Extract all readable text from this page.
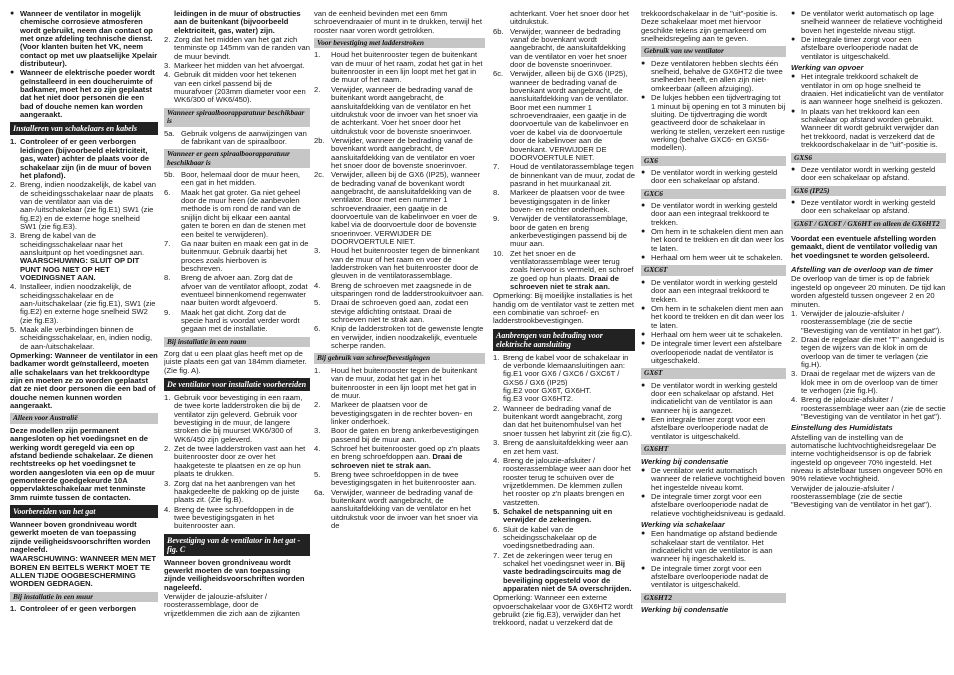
● Wanneer de ventilator in mogelijk chemische corrosieve atmosferen wordt gebruikt, neem dan contact op met onze afdeling technische dienst. (Voor klanten buiten het VK, neem contact op met uw plaatselijke Xpelair distributeur).
● Wanneer de elektrische poeder wordt geïnstalleerd in een doucheruimte of badkamer, moet het zo zijn geplaatst dat het niet door personen die een bad of douche nemen kan worden aangeraakt.
Installeren van schakelaars en kabels
1. Controleer of er geen verborgen leidingen (bijvoorbeeld elektriciteit, gas, water) achter de plaats voor de schakelaar zijn (in de muur of boven het plafond).
2. Breng, indien noodzakelijk, de kabel van de scheidingsschakelaar naar de plaats van de ventilator aan via de aan-/uitschakelaar (zie fig.E1) SW1 (zie fig.E2) en de externe hoge snelheid SW1 (zie fig.E3).
3. Breng de kabel van de scheidingsschakelaar naar het aansluitpunt op het voedingsnet aan. WAARSCHUWING: SLUIT OP DIT PUNT NOG NIET OP HET VOEDINGSNET AAN.
4. Installeer, indien noodzakelijk, de scheidingsschakelaar en de aan-/uitschakelaar (zie fig.E1), SW1 (zie fig.E2) en externe hoge snelheid SW2 (zie fig.E3).
5. Maak alle verbindingen binnen de scheidingsschakelaar, en, indien nodig, de aan-/uitschakelaar.
Opmerking: Wanneer de ventilator in een badkamer wordt geïnstalleerd, moeten alle schakelaars van het trekkoordtype zijn en moeten ze zo worden geplaatst dat ze niet door personen die een bad of douche nemen kunnen worden aangeraakt.
Alleen voor Australië
Deze modellen zijn permanent aangesloten op het voedingsnet en de werking wordt geregeld via een op afstand bediende schakelaar. Ze dienen rechtstreeks op het voedingsnet te worden aangesloten via een op de muur gemonteerde goedgekeurde 10A oppervlakteschakelaar met tenminste 3mm ruimte tussen de contacten.
Voorbereiden van het gat
Wanneer boven grondniveau wordt gewerkt moeten de van toepassing zijnde veiligheidsvoorschriften worden nageleefd.
WAARSCHUWING: WANNEER MEN MET BOREN EN BEITELS WERKT MOET TE ALLEN TIJDE OOGBESCHERMING WORDEN GEDRAGEN.
Bij installatie in een muur
1. Controleer of er geen verborgen
leidingen in de muur of obstructies aan de buitenkant (bijvoorbeeld elektriciteit, gas, water) zijn.
2. Zorg dat het midden van het gat zich tenminste op 145mm van de randen van de muur bevindt.
3. Markeer het midden van het afvoergat.
4. Gebruik dit midden voor het tekenen van een cirkel passend bij de muurafvoer (203mm diameter voor een WK6/300 of WK6/450).
Wanneer spiraalboorapparatuur beschikbaar is
5a. Gebruik volgens de aanwijzingen van de fabrikant van de spiraalboor.
Wanneer er geen spiraalboorapparatuur beschikbaar is
5b. Boor, helemaal door de muur heen, een gat in het midden.
6. Maak het gat groter. Ga niet geheel door de muur heen (de aanbevolen methode is om rond de rand van de snijlijn dicht bij elkaar een aantal gaten te boren en dan de stenen met een beitel te verwijderen).
7. Ga naar buiten en maak een gat in de buitenmuur. Gebruik daarbij het proces zoals hierboven is beschreven.
8. Breng de afvoer aan. Zorg dat de afvoer van de ventilator afloopt, zodat eventueel binnenkomend regenwater naar buiten wordt afgevoerd.
9. Maak het gat dicht. Zorg dat de specie hard is voordat verder wordt gegaan met de installatie.
Bij installatie in een raam
Zorg dat u een plaat glas heeft met op de juiste plaats een gat van 184mm diameter. (Zie fig. A).
De ventilator voor installatie voorbereiden
1. Gebruik voor bevestiging in een raam, de twee korte ladderstroken die bij de ventilator zijn geleverd. Gebruik voor bevestiging in de muur, de langere stroken die bij muurset WK6/300 of WK6/450 zijn geleverd.
2. Zet de twee ladderstroken vast aan het buitenrooster door ze over het haakgeteste te plaatsen en ze op hun plaats te drukken.
3. Zorg dat na het aanbrengen van het haakgedeelte de pakking op de juiste plaats zit. (Zie fig.B).
4. Breng de twee schroefdoppen in de twee bevestigingsgaten in het buitenrooster aan.
Bevestiging van de ventilator in het gat - fig. C
Wanneer boven grondniveau wordt gewerkt moeten de van toepassing zijnde veiligheidsvoorschriften worden nageleefd.
Verwijder de jalouzie-afsluiter / roosterassemblage, door de vrijzetklemmen die zich aan de zijkanten
van de eenheid bevinden met een 6mm schroevendraaier of munt in te drukken, terwijl het rooster naar voren wordt getrokken.
Voor bevestiging met ladderstroken
1. Houd het buitenrooster tegen de buitenkant van de muur of het raam, zodat het gat in het buitenrooster in een lijn loopt met het gat in de muur of het raam.
2. Verwijder, wanneer de bedrading vanaf de buitenkant wordt aangebracht, de aansluitafdekking van de ventilator en het uitdrukstuk voor de invoer van het snoer via de achterkant. Voer het snoer door het uitdrukstuk voor de bovenste snoerinvoer.
2b. Verwijder, wanneer de bedrading vanaf de bovenkant wordt aangebracht, de aansluitafdekking van de ventilator en voer het snoer door de bovenste snoerinvoer.
2c. Verwijder, alleen bij de GX6 (IP25), wanneer de bedrading vanaf de bovenkant wordt aangebracht, de aansluitafdekking van de ventilator. Boor met een nummer 1 schroevendraaier, een gaatje in de doorvoertule van de kabelinvoer en voer de kabel via de doorvoertule door de bovenste snoerinvoer. VERWIJDER DE DOORVOERTULE NIET.
3. Houd het buitenrooster tegen de binnenkant van de muur of het raam en voer de ladderstroken van het buitenrooster door de gleuven in de ventilatorassemblage.
4. Breng de schroeven met zaagsnede in de uitsparingen rond de ladderstrookuitvoer aan.
5. Draai de schroeven goed aan, zodat een stevige afdichting ontstaat. Draai de schroeven niet te strak aan.
6. Knip de ladderstroken tot de gewenste lengte en verwijder, indien noodzakelijk, eventuele scherpe randen.
Bij gebruik van schroefbevestigingen
1. Houd het buitenrooster tegen de buitenkant van de muur, zodat het gat in het buitenrooster in een lijn loopt met het gat in de muur.
2. Markeer de plaatsen voor de bevestigingsgaten in de rechter boven- en linker onderhoek.
3. Boor de gaten en breng ankerbevestigingen passend bij de muur aan.
4. Schroef het buitenrooster goed op z'n plaats en breng schroefdoppen aan. Draai de schroeven niet te strak aan.
5. Breng twee schroefdoppen in de twee bevestigingsgaten in het buitenrooster aan.
6a. Verwijder, wanneer de bedrading vanaf de buitenkant wordt aangebracht, de aansluitafdekking van de ventilator en het uitdrukstuk voor de invoer van het snoer via de
achterkant. Voer het snoer door het uitdrukstuk.
6b. Verwijder, wanneer de bedrading vanaf de bovenkant wordt aangebracht, de aansluitafdekking van de ventilator en voer het snoer door de bovenste snoerinvoer.
6c. Verwijder, alleen bij de GX6 (IP25), wanneer de bedrading vanaf de bovenkant wordt aangebracht, de aansluitafdekking van de ventilator. Boor met een nummer 1 schroevendraaier, een gaatje in de doorvoertule van de kabelinvoer en voer de kabel via de doorvoertule door de kabelinvoer aan de bovenkant. VERWIJDER DE DOORVOERTULE NIET.
7. Houd de ventilatorassemblage tegen de binnenkant van de muur, zodat de pasrand in het muurkanaal zit.
8. Markeer de plaatsen voor de twee bevestigingsgaten in de linker boven- en rechter onderhoek.
9. Verwijder de ventilatorassemblage, boor de gaten en breng ankerbevestigingen passend bij de muur aan.
10. Zet het snoer en de ventilatorassemblage weer terug zoals hiervoor is vermeld, en schroef ze goed op hun plaats. Draai de schroeven niet te strak aan.
Opmerking: Bij moeilijke installaties is het handig om de ventilator vast te zetten met een combinatie van schroef- en ladderstrookbevestigingen.
Aanbrengen van bedrading voor elektrische aansluiting
1. Breng de kabel voor de schakelaar in de verbonde klemaansluitingen aan:
fig.E1 voor GX6 / GXC6 / GXC6T / GXS6 / GX6 (IP25)
fig.E2 voor GX6T, GX6HT.
fig.E3 voor GX6HT2.
2. Wanneer de bedrading vanaf de buitenkant wordt aangebracht, zorg dan dat het buitenomhulsel van het snoer tussen het labyrint zit (zie fig.C).
3. Breng de aansluitafdekking weer aan en zet hem vast.
4. Breng de jalouzie-afsluiter / roosterassemblage weer aan door het rooster terug te schuiven over de vrijzetklemmen. De klemmen zullen het rooster op z'n plaats brengen en vastzetten.
5. Schakel de netspanning uit en verwijder de zekeringen.
6. Sluit de kabel van de scheidingsschakelaar op de voedingsnetbedrading aan.
7. Zet de zekeringen weer terug en schakel het voedingsnet weer in. Bij vaste bedradingscircuits mag de beveiliging opgesteld voor de apparaten niet de 5A overschrijden.
Opmerking: Wanneer een externe opvoerschakelaar voor de GX6HT2 wordt gebruikt (zie fig.E3), verwijder dan het trekkoord, nadat u verzekerd dat de
trekkoordschakelaar in de "uit"-positie is. Deze schakelaar moet met hiervoor geschikte tekens zijn gemarkeerd om snelheidsregeling aan te geven.
Gebruik van uw ventilator
● Deze ventilatoren hebben slechts één snelheid, behalve de GX6HT2 die twee snelheden heeft, en allen zijn niet-omkeerbaar (alleen afzuiging).
● De lukjes hebben een tijdvertraging tot 1 minuut bij opening en tot 3 minuten bij sluiting. De tijdvertraging die wordt geactiveerd door de schakelaar in werking te stellen, verzekert een rustige werking (behalve GXC6- en GXS6-modellen).
GX6
● De ventilator wordt in werking gesteld door een schakelaar op afstand.
GXC6
● De ventilator wordt in werking gesteld door aan een integraal trekkoord te trekken.
● Om hem in te schakelen dient men aan het koord te trekken en dit dan weer los te laten.
● Herhaal om hem weer uit te schakelen.
GXC6T
● De ventilator wordt in werking gesteld door aan een integraal trekkoord te trekken.
● Om hem in te schakelen dient men aan het koord te trekken en dit dan weer los te laten.
● Herhaal om hem weer uit te schakelen.
● De integrale timer levert een afstelbare overlooperiode nadat de ventilator is uitgeschakeld.
GX6T
● De ventilator wordt in werking gesteld door een schakelaar op afstand. Het indicatielicht van de ventilator is aan wanneer hij is aangezet.
● Een integrale timer zorgt voor een afstelbare overlooperiode nadat de ventilator is uitgeschakeld.
GX6HT
Werking bij condensatie
● De ventilator werkt automatisch wanneer de relatieve vochtigheid boven het ingestelde niveau komt.
● De integrale timer zorgt voor een afstelbare overlooperiode nadat de relatieve vochtigheidsniveau is gedaald.
Werking via schakelaar
● Een handmatige op afstand bediende schakelaar start de ventilator. Het indicatielicht van de ventilator is aan wanneer hij ingeschakeld is.
● De integrale timer zorgt voor een afstelbare overlooperiode nadat de ventilator is uitgeschakeld.
GX6HT2
Werking bij condensatie
● De ventilator werkt automatisch op lage snelheid wanneer de relatieve vochtigheid boven het ingestelde niveau stijgt.
● De integrale timer zorgt voor een afstelbare overlooperiode nadat de ventilator is uitgeschakeld.
Werking van opvoer
● Het integrale trekkoord schakelt de ventilator in om op hoge snelheid te draaien. Het indicatielicht van de ventilator is aan wanneer hoge snelheid is gekozen.
● In plaats van het trekkoord kan een schakelaar op afstand worden gebruikt. Wanneer dit wordt gebruikt verwijder dan het trekkoord, nadat is verzekerd dat de trekkoordschakelaar in de "uit"-positie is.
GXS6
● Deze ventilator wordt in werking gesteld door een schakelaar op afstand.
GX6 (IP25)
● Deze ventilator wordt in werking gesteld door een schakelaar op afstand.
GX6T / GXC6T / GX6HT en alleen de GX6HT2
Voordat een eventuele afstelling worden gemaakt, dient de ventilator volledig van het voedingsnet te worden geïsoleerd.
Afstelling van de overloop van de timer
De overloop van de timer is op de fabriek ingesteld op ongeveer 20 minuten. De tijd kan worden afgesteld tussen ongeveer 2 en 20 minuten.
1. Verwijder de jalouzie-afsluiter / roosterassemblage (zie de sectie "Bevestiging van de ventilator in het gat").
2. Draai de regelaar die met "T" aangeduid is tegen de wijzers van de klok in om de overloop van de timer te verlagen (zie fig.H).
3. Draai de regelaar met de wijzers van de klok mee in om de overloop van de timer te verhogen (zie fig.H).
4. Breng de jalouzie-afsluiter / roosterassemblage weer aan (zie de sectie "Bevestiging van de ventilator in het gat").
Einstellung des Humidistats
Afstelling van de instelling van de automatische luchtvochtigheidsregelaar De interne vochtigheidsensor is op de fabriek ingesteld op ongeveer 70% ingesteld. Het niveau is afstelbaar tussen ongeveer 50% en 90% relatieve vochtigheid.
Verwijder de jalouzie-afsluiter / roosterassemblage (zie de sectie "Bevestiging van de ventilator in het gat").
